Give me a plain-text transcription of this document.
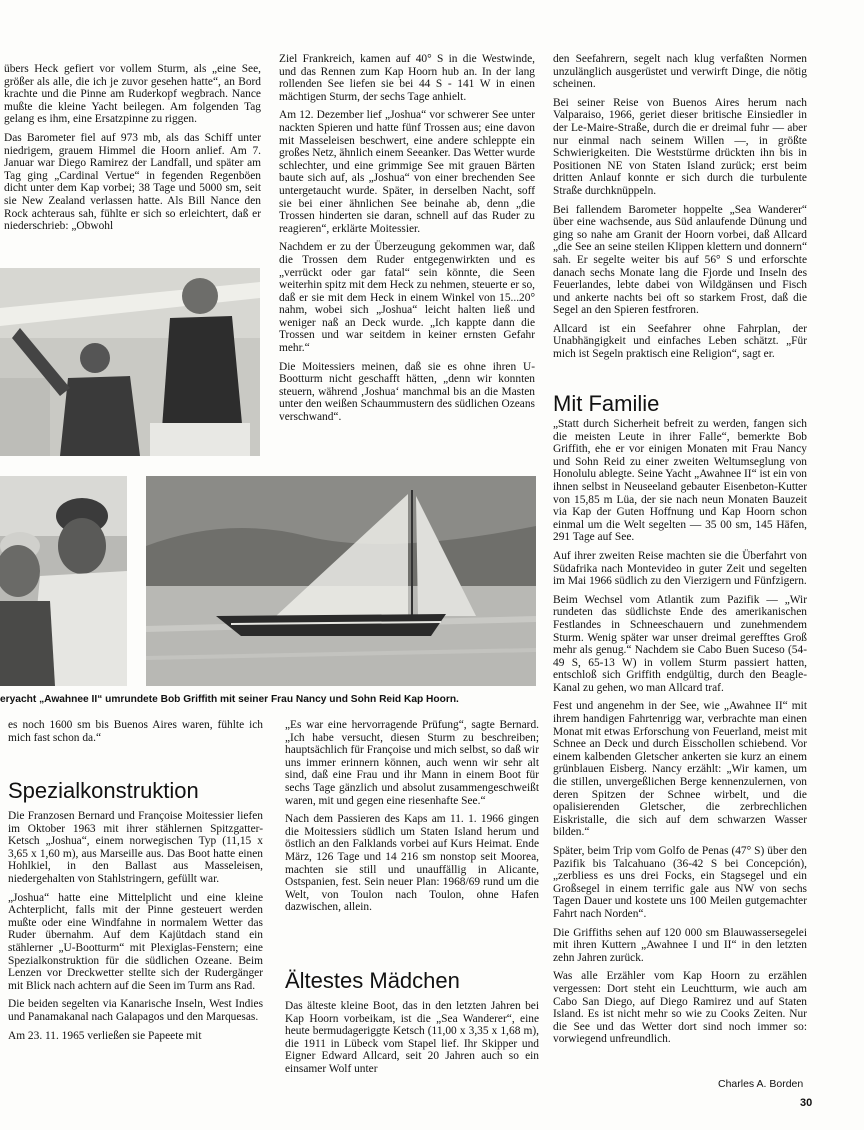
übers Heck gefiert vor vollem Sturm, als „eine See, größer als alle, die ich je zuvor gesehen hatte“, an Bord krachte und die Pinne am Ruderkopf wegbrach. Nance mußte die kleine Yacht beilegen. Am folgenden Tag gelang es ihm, eine Ersatzpinne zu riggen.

Das Barometer fiel auf 973 mb, als das Schiff unter niedrigem, grauem Himmel die Hoorn anlief. Am 7. Januar war Diego Ramirez der Landfall, und später am Tag ging „Cardinal Vertue“ in fegenden Regenböen dicht unter dem Kap vorbei; 38 Tage und 5000 sm, seit sie New Zealand verlassen hatte. Als Bill Nance den Rock achteraus sah, fühlte er sich so erleichtert, daß er niederschrieb: „Obwohl

eryacht „Awahnee II“ umrundete Bob Griffith mit seiner Frau Nancy und Sohn Reid Kap Hoorn.

Ziel Frankreich, kamen auf 40° S in die Westwinde, und das Rennen zum Kap Hoorn hub an. In der lang rollenden See liefen sie bei 44 S - 141 W in einen mächtigen Sturm, der sechs Tage anhielt.

Am 12. Dezember lief „Joshua“ vor schwerer See unter nackten Spieren und hatte fünf Trossen aus; eine davon mit Masseleisen beschwert, eine andere schleppte ein großes Netz, ähnlich einem Seeanker. Das Wetter wurde schlechter, und eine grimmige See mit grauen Bärten baute sich auf, als „Joshua“ von einer brechenden See untergetaucht wurde. Später, in derselben Nacht, soff sie bei einer ähnlichen See beinahe ab, denn „die Trossen hinderten sie daran, schnell auf das Ruder zu reagieren“, erklärte Moitessier.

Nachdem er zu der Überzeugung gekommen war, daß die Trossen dem Ruder entgegenwirkten und es „verrückt oder gar fatal“ sein könnte, die Seen weiterhin spitz mit dem Heck zu nehmen, steuerte er so, daß er sie mit dem Heck in einem Winkel von 15...20° nahm, wobei sich „Joshua“ leicht halten ließ und weniger naß an Deck wurde. „Ich kappte dann die Trossen und war seitdem in keiner ernsten Gefahr mehr.“

Die Moitessiers meinen, daß sie es ohne ihren U-Bootturm nicht geschafft hätten, „denn wir konnten steuern, während ‚Joshua‘ manchmal bis an die Masten unter den weißen Schaummustern des südlichen Ozeans verschwand“.

den Seefahrern, segelt nach klug verfaßten Normen unzulänglich ausgerüstet und verwirft Dinge, die nötig scheinen.

Bei seiner Reise von Buenos Aires herum nach Valparaiso, 1966, geriet dieser britische Einsiedler in der Le-Maire-Straße, durch die er dreimal fuhr — aber nur einmal nach seinem Willen —, in größte Schwierigkeiten. Die Weststürme drückten ihn bis in Positionen NE von Staten Island zurück; erst beim dritten Anlauf konnte er sich durch die turbulente Straße durchknüppeln.

Bei fallendem Barometer hoppelte „Sea Wanderer“ über eine wachsende, aus Süd anlaufende Dünung und ging so nahe am Granit der Hoorn vorbei, daß Allcard „die See an seine steilen Klippen klettern und donnern“ sah. Er segelte weiter bis auf 56° S und erforschte danach sechs Monate lang die Fjorde und Inseln des Feuerlandes, lebte dabei von Wildgänsen und Fisch und ankerte nachts bei oft so starkem Frost, daß die Segel an den Spieren festfroren.

Allcard ist ein Seefahrer ohne Fahrplan, der Unabhängigkeit und einfaches Leben schätzt. „Für mich ist Segeln praktisch eine Religion“, sagt er.

Mit Familie

„Statt durch Sicherheit befreit zu werden, fangen sich die meisten Leute in ihrer Falle“, bemerkte Bob Griffith, ehe er vor einigen Monaten mit Frau Nancy und Sohn Reid zu einer zweiten Weltumseglung von Honolulu ablegte. Seine Yacht „Awahnee II“ ist ein von ihnen selbst in Neuseeland gebauter Eisenbeton-Kutter von 15,85 m Lüa, der sie nach neun Monaten Bauzeit via Kap der Guten Hoffnung und Kap Hoorn schon einmal um die Welt segelten — 35 00 sm, 145 Häfen, 291 Tage auf See.

Auf ihrer zweiten Reise machten sie die Überfahrt von Südafrika nach Montevideo in guter Zeit und segelten im Mai 1966 südlich zu den Vierzigern und Fünfzigern.

Beim Wechsel vom Atlantik zum Pazifik — „Wir rundeten das südlichste Ende des amerikanischen Festlandes in Schneeschauern und zunehmendem Sturm. Wenig später war unser dreimal gerefftes Groß mehr als genug.“ Nachdem sie Cabo Buen Suceso (54-49 S, 65-13 W) in vollem Sturm passiert hatten, entschloß sich Griffith endgültig, durch den Beagle-Kanal zu gehen, wo man Allcard traf.

Fest und angenehm in der See, wie „Awahnee II“ mit ihrem handigen Fahrtenrigg war, verbrachte man einen Monat mit etwas Erforschung von Feuerland, meist mit Schnee an Deck und durch Eisschollen schiebend. Vor einem kalbenden Gletscher ankerten sie kurz an einem grünblauen Eisberg. Nancy erzählt: „Wir kamen, um die stillen, unvergeßlichen Berge kennenzulernen, von deren Spitzen der Schnee wirbelt, und die opalisierenden Gletscher, die zerbrechlichen Eiskristalle, die sich auf dem schwarzen Wasser bilden.“

Später, beim Trip vom Golfo de Penas (47° S) über den Pazifik bis Talcahuano (36-42 S bei Concepción), „zerbliess es uns drei Focks, ein Stagsegel und ein Großsegel in einem terrific gale aus NW von sechs Tagen Dauer und kostete uns 100 Meilen gutgemachter Fahrt nach Norden“.

Die Griffiths sehen auf 120 000 sm Blauwassersegelei mit ihren Kuttern „Awahnee I und II“ in den letzten zehn Jahren zurück.

Was alle Erzähler vom Kap Hoorn zu erzählen vergessen: Dort steht ein Leuchtturm, wie auch am Cabo San Diego, auf Diego Ramirez und auf Staten Island. Es ist nicht mehr so wie zu Cooks Zeiten. Nur die See und das Wetter dort sind noch immer so: vorwiegend unfreundlich.

es noch 1600 sm bis Buenos Aires waren, fühlte ich mich fast schon da.“

Spezialkonstruktion

Die Franzosen Bernard und Françoise Moitessier liefen im Oktober 1963 mit ihrer stählernen Spitzgatter-Ketsch „Joshua“, einem norwegischen Typ (11,15 x 3,65 x 1,60 m), aus Marseille aus. Das Boot hatte einen Hohlkiel, in den Ballast aus Masseleisen, niedergehalten von Stahlstringern, gefüllt war.

„Joshua“ hatte eine Mittelplicht und eine kleine Achterplicht, falls mit der Pinne gesteuert werden mußte oder eine Windfahne in normalem Wetter das Ruder übernahm. Auf dem Kajütdach stand ein stählerner „U-Bootturm“ mit Plexiglas-Fenstern; eine Spezialkonstruktion für die südlichen Ozeane. Beim Lenzen vor Dreckwetter stellte sich der Rudergänger mit Blick nach achtern auf die Seen im Turm ans Rad.

Die beiden segelten via Kanarische Inseln, West Indies und Panamakanal nach Galapagos und den Marquesas.

Am 23. 11. 1965 verließen sie Papeete mit

„Es war eine hervorragende Prüfung“, sagte Bernard. „Ich habe versucht, diesen Sturm zu beschreiben; hauptsächlich für Françoise und mich selbst, so daß wir uns immer erinnern können, auch wenn wir sehr alt sind, daß eine Frau und ihr Mann in einem Boot für sechs Tage gänzlich und absolut zusammengeschweißt waren, mit und gegen eine riesenhafte See.“

Nach dem Passieren des Kaps am 11. 1. 1966 gingen die Moitessiers südlich um Staten Island herum und östlich an den Falklands vorbei auf Kurs Heimat. Ende März, 126 Tage und 14 216 sm nonstop seit Moorea, machten sie still und unauffällig in Alicante, Ostspanien, fest. Sein neuer Plan: 1968/69 rund um die Welt, von Toulon nach Toulon, ohne Hafen dazwischen, allein.

Ältestes Mädchen

Das älteste kleine Boot, das in den letzten Jahren bei Kap Hoorn vorbeikam, ist die „Sea Wanderer“, eine heute bermudageriggte Ketsch (11,00 x 3,35 x 1,68 m), die 1911 in Lübeck vom Stapel lief. Ihr Skipper und Eigner Edward Allcard, seit 20 Jahren auch so ein einsamer Wolf unter

Charles A. Borden
30
